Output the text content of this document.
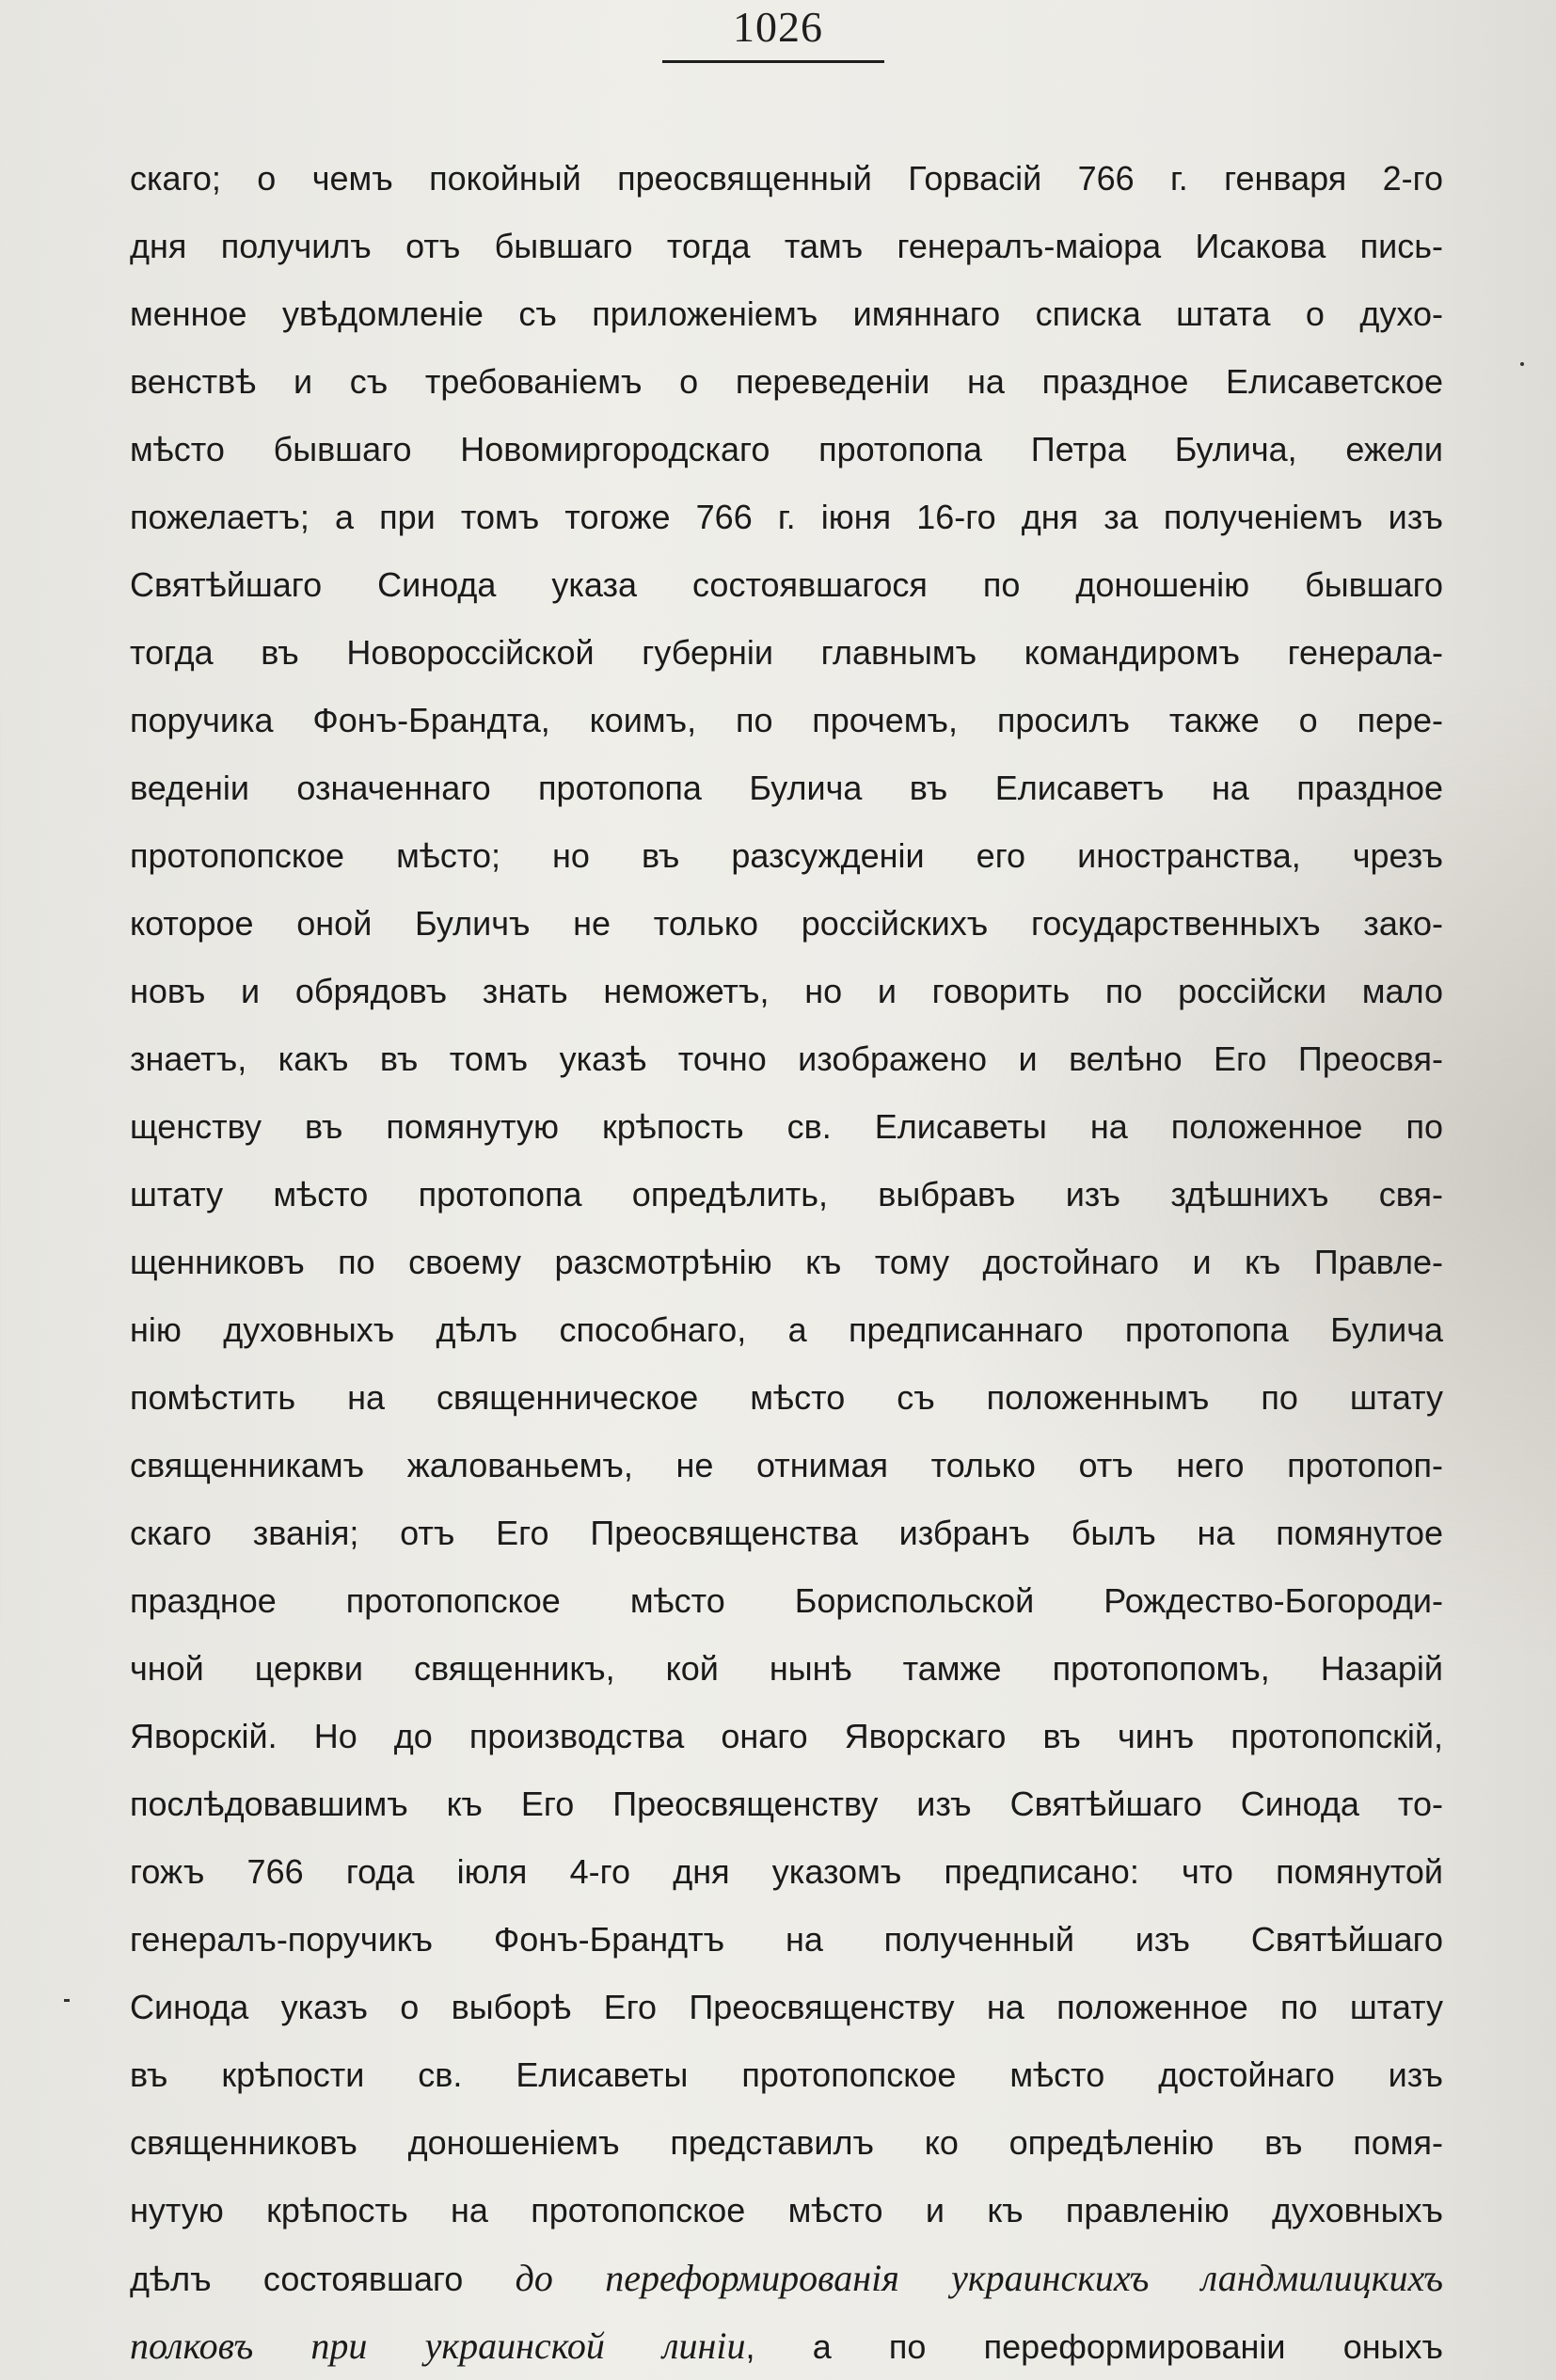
1026
скаго; о чемъ покойный преосвященный Горвасій 766 г. генваря 2-го
дня получилъ отъ бывшаго тогда тамъ генералъ-маіора Исакова пись-
менное увѣдомленіе съ приложеніемъ имяннаго списка штата о духо-
венствѣ и съ требованіемъ о переведеніи на праздное Елисаветское
мѣсто бывшаго Новомиргородскаго протопопа Петра Булича, ежели
пожелаетъ; а при томъ тогоже 766 г. іюня 16-го дня за полученіемъ изъ
Святѣйшаго Синода указа состоявшагося по доношенію бывшаго
тогда въ Новороссійской губерніи главнымъ командиромъ генерала-
поручика Фонъ-Брандта, коимъ, по прочемъ, просилъ также о пере-
веденіи означеннаго протопопа Булича въ Елисаветъ на праздное
протопопское мѣсто; но въ разсужденіи его иностранства, чрезъ
которое оной Буличъ не только россійскихъ государственныхъ зако-
новъ и обрядовъ знать неможетъ, но и говорить по россійски мало
знаетъ, какъ въ томъ указѣ точно изображено и велѣно Его Преосвя-
щенству въ помянутую крѣпость св. Елисаветы на положенное по
штату мѣсто протопопа опредѣлить, выбравъ изъ здѣшнихъ свя-
щенниковъ по своему разсмотрѣнію къ тому достойнаго и къ Правле-
нію духовныхъ дѣлъ способнаго, а предписаннаго протопопа Булича
помѣстить на священническое мѣсто съ положеннымъ по штату
священникамъ жалованьемъ, не отнимая только отъ него протопоп-
скаго званія; отъ Его Преосвященства избранъ былъ на помянутое
праздное протопопское мѣсто Бориспольской Рождество-Богороди-
чной церкви священникъ, кой нынѣ тамже протопопомъ, Назарій
Яворскій. Но до производства онаго Яворскаго въ чинъ протопопскій,
послѣдовавшимъ къ Его Преосвященству изъ Святѣйшаго Синода то-
гожъ 766 года іюля 4-го дня указомъ предписано: что помянутой
генералъ-поручикъ Фонъ-Брандтъ на полученный изъ Святѣйшаго
Синода указъ о выборѣ Его Преосвященству на положенное по штату
въ крѣпости св. Елисаветы протопопское мѣсто достойнаго изъ
священниковъ доношеніемъ представилъ ко опредѣленію въ помя-
нутую крѣпость на протопопское мѣсто и къ правленію духовныхъ
дѣлъ состоявшаго до переформированія украинскихъ ландмилицкихъ
полковъ при украинской линіи, а по переформированіи оныхъ
